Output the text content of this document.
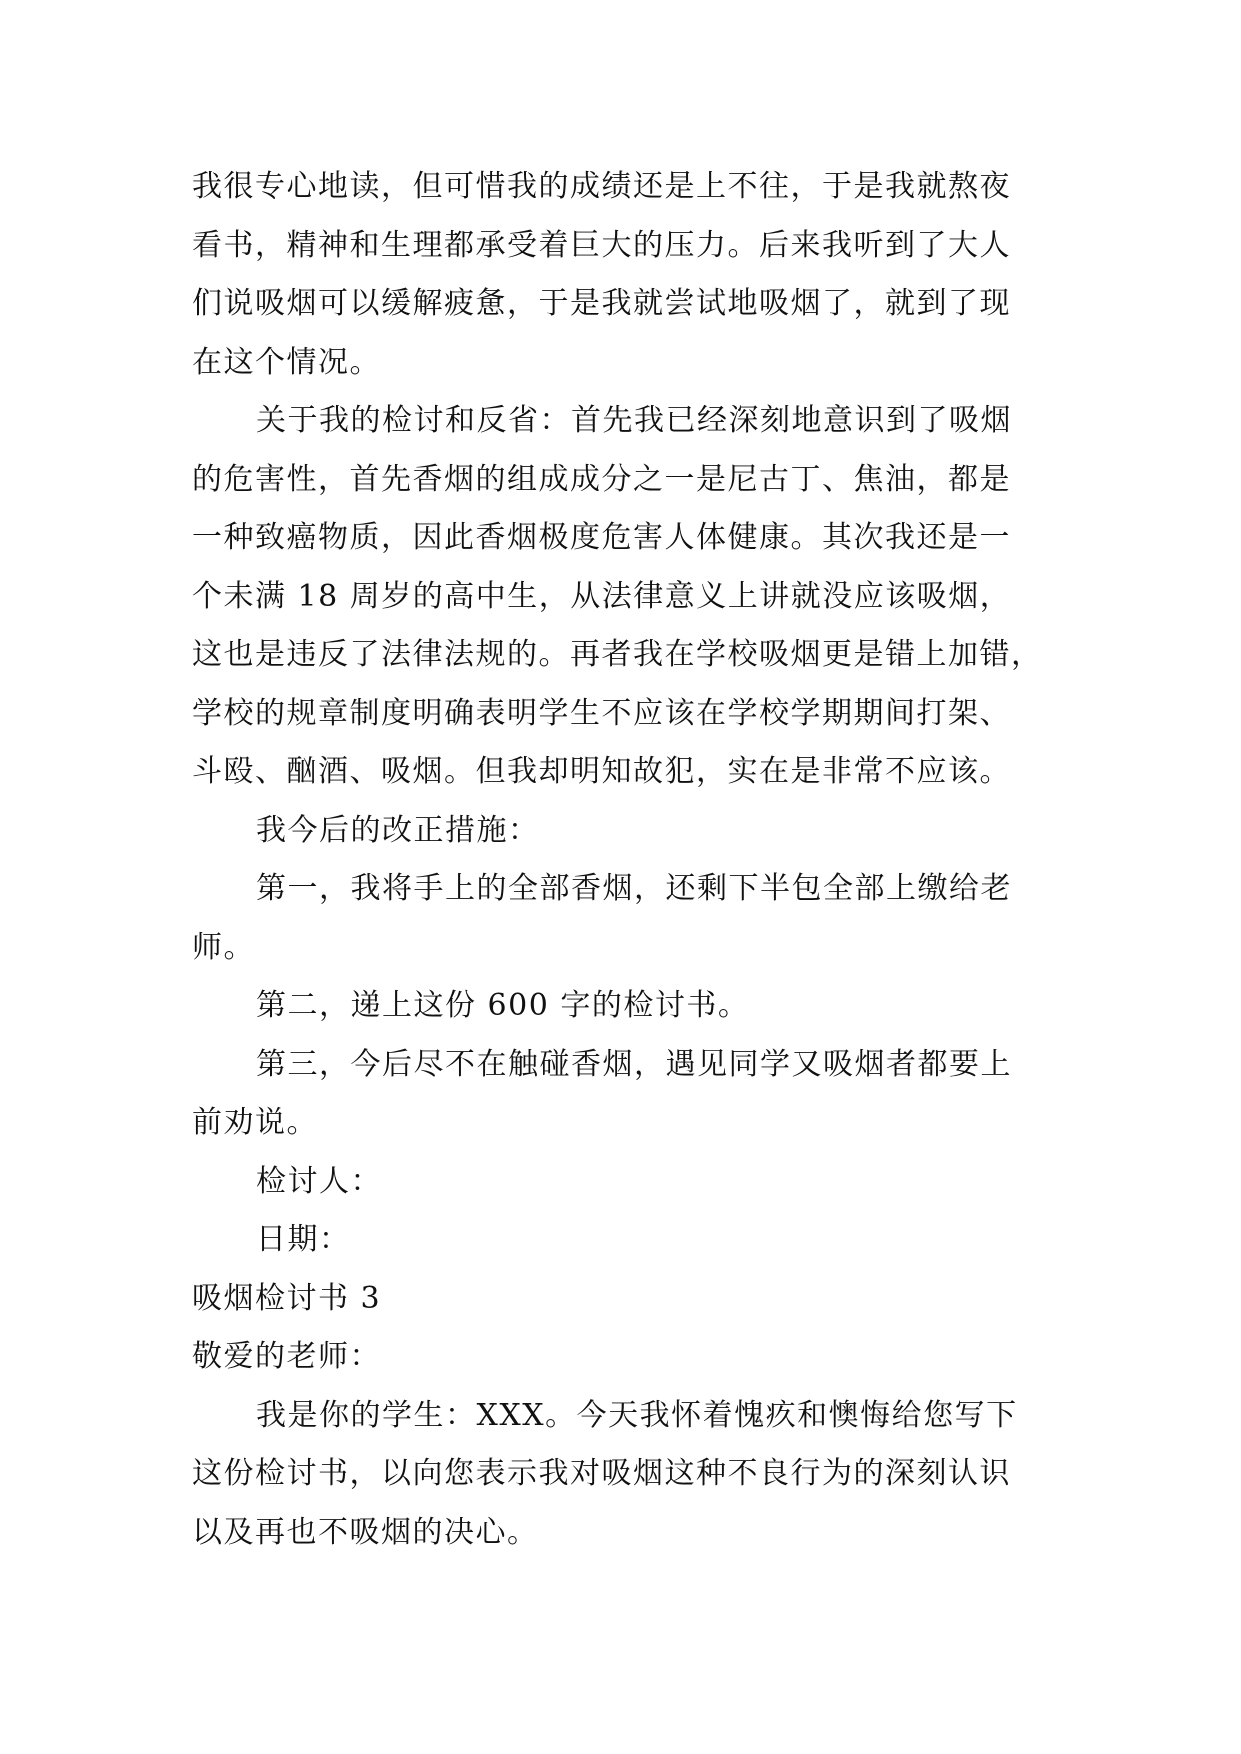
我很专心地读，但可惜我的成绩还是上不往，于是我就熬夜
看书，精神和生理都承受着巨大的压力。后来我听到了大人
们说吸烟可以缓解疲惫，于是我就尝试地吸烟了，就到了现
在这个情况。
关于我的检讨和反省：首先我已经深刻地意识到了吸烟
的危害性，首先香烟的组成成分之一是尼古丁、焦油，都是
一种致癌物质，因此香烟极度危害人体健康。其次我还是一
个未满 18 周岁的高中生，从法律意义上讲就没应该吸烟，
这也是违反了法律法规的。再者我在学校吸烟更是错上加错，
学校的规章制度明确表明学生不应该在学校学期期间打架、
斗殴、酗酒、吸烟。但我却明知故犯，实在是非常不应该。
我今后的改正措施：
第一，我将手上的全部香烟，还剩下半包全部上缴给老
师。
第二，递上这份 600 字的检讨书。
第三，今后尽不在触碰香烟，遇见同学又吸烟者都要上
前劝说。
检讨人：
日期：
吸烟检讨书 3
敬爱的老师：
我是你的学生：XXX。今天我怀着愧疚和懊悔给您写下
这份检讨书，以向您表示我对吸烟这种不良行为的深刻认识
以及再也不吸烟的决心。
